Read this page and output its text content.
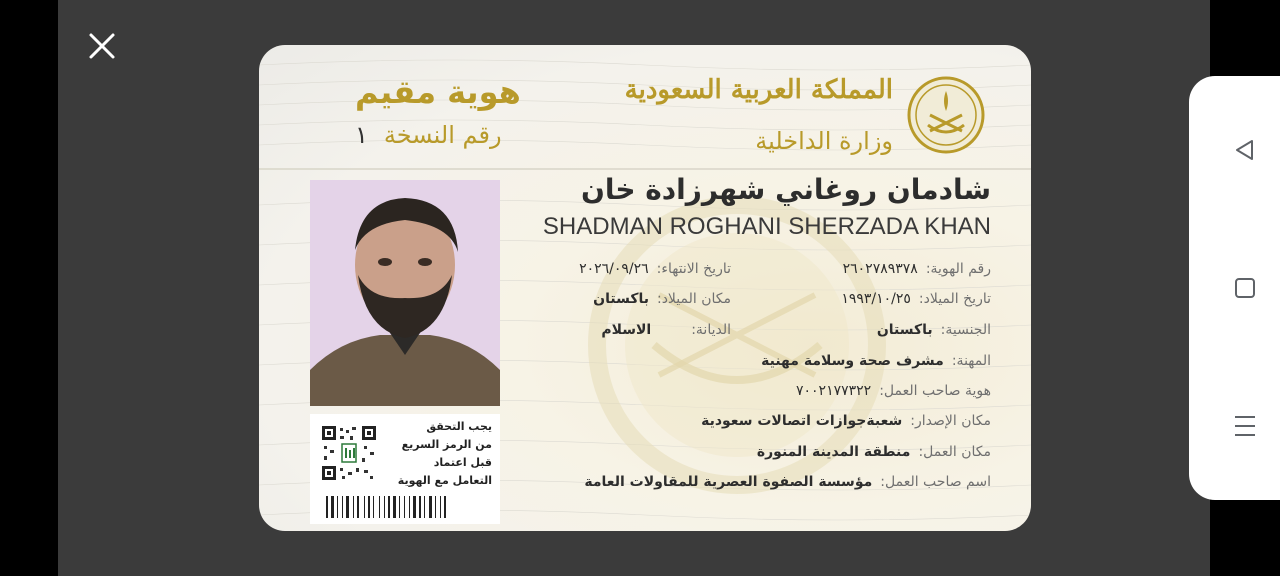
المملكة العربية السعودية
وزارة الداخلية
هوية مقيم
رقم النسخة
١
شادمان روغاني شهرزادة خان
SHADMAN ROGHANI SHERZADA KHAN
رقم الهوية:
٢٦٠٢٧٨٩٣٧٨
تاريخ الميلاد:
١٩٩٣/١٠/٢٥
الجنسية:
باكستان
المهنة:
مشرف صحة وسلامة مهنية
هوية صاحب العمل:
٧٠٠٢١٧٧٣٢٢
مكان الإصدار:
شعبةجوازات اتصالات سعودية
مكان العمل:
منطقة المدينة المنورة
اسم صاحب العمل:
مؤسسة الصفوة العصرية للمقاولات العامة
تاريخ الانتهاء:
٢٠٢٦/٠٩/٢٦
مكان الميلاد:
باكستان
الديانة:
الاسلام
يجب التحقق
من الرمز السريع
قبل اعتماد
التعامل مع الهوية
